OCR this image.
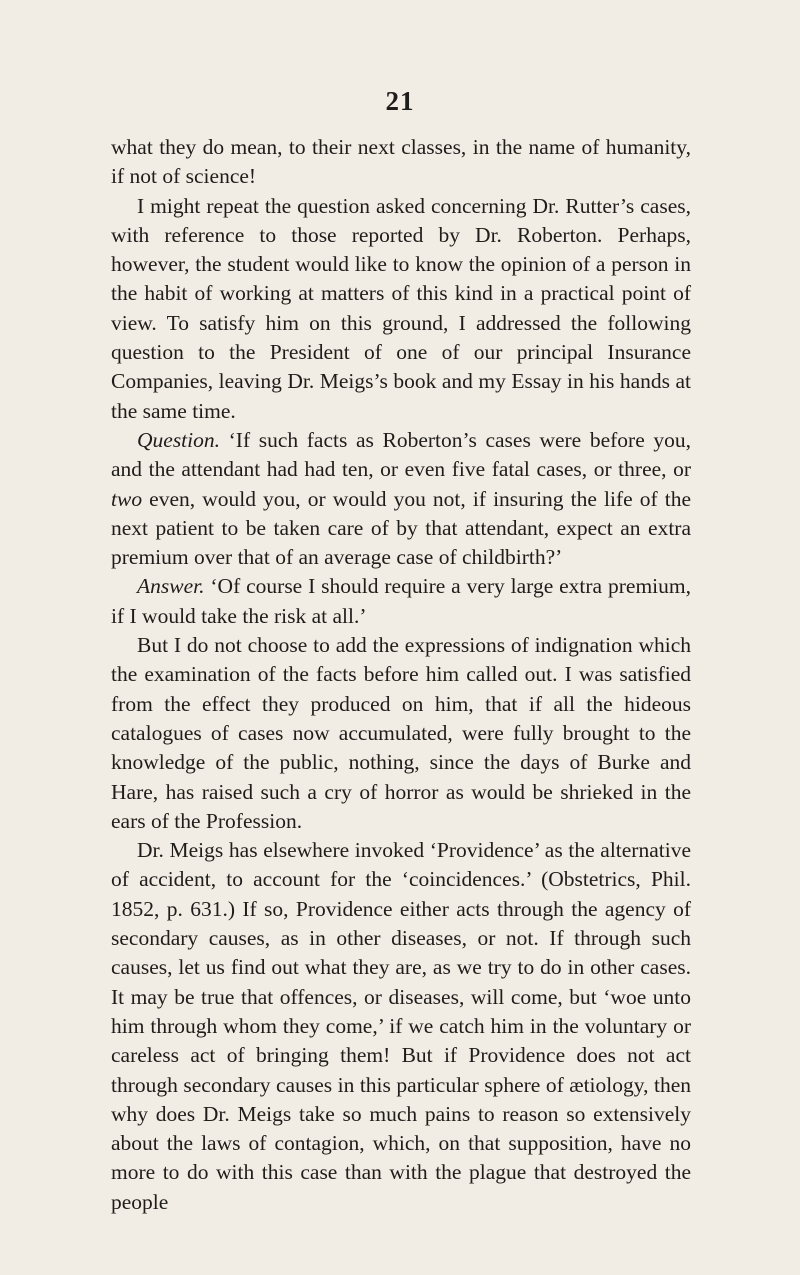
21

what they do mean, to their next classes, in the name of humanity, if not of science!

I might repeat the question asked concerning Dr. Rutter’s cases, with reference to those reported by Dr. Roberton. Perhaps, however, the student would like to know the opinion of a person in the habit of working at matters of this kind in a practical point of view. To satisfy him on this ground, I addressed the following question to the President of one of our principal Insurance Companies, leaving Dr. Meigs’s book and my Essay in his hands at the same time.

Question. ‘If such facts as Roberton’s cases were before you, and the attendant had had ten, or even five fatal cases, or three, or two even, would you, or would you not, if insuring the life of the next patient to be taken care of by that attendant, expect an extra premium over that of an average case of childbirth?’

Answer. ‘Of course I should require a very large extra premium, if I would take the risk at all.’

But I do not choose to add the expressions of indignation which the examination of the facts before him called out. I was satisfied from the effect they produced on him, that if all the hideous catalogues of cases now accumulated, were fully brought to the knowledge of the public, nothing, since the days of Burke and Hare, has raised such a cry of horror as would be shrieked in the ears of the Profession.

Dr. Meigs has elsewhere invoked ‘Providence’ as the alternative of accident, to account for the ‘coincidences.’ (Obstetrics, Phil. 1852, p. 631.) If so, Providence either acts through the agency of secondary causes, as in other diseases, or not. If through such causes, let us find out what they are, as we try to do in other cases. It may be true that offences, or diseases, will come, but ‘woe unto him through whom they come,’ if we catch him in the voluntary or careless act of bringing them! But if Providence does not act through secondary causes in this particular sphere of ætiology, then why does Dr. Meigs take so much pains to reason so extensively about the laws of contagion, which, on that supposition, have no more to do with this case than with the plague that destroyed the people
